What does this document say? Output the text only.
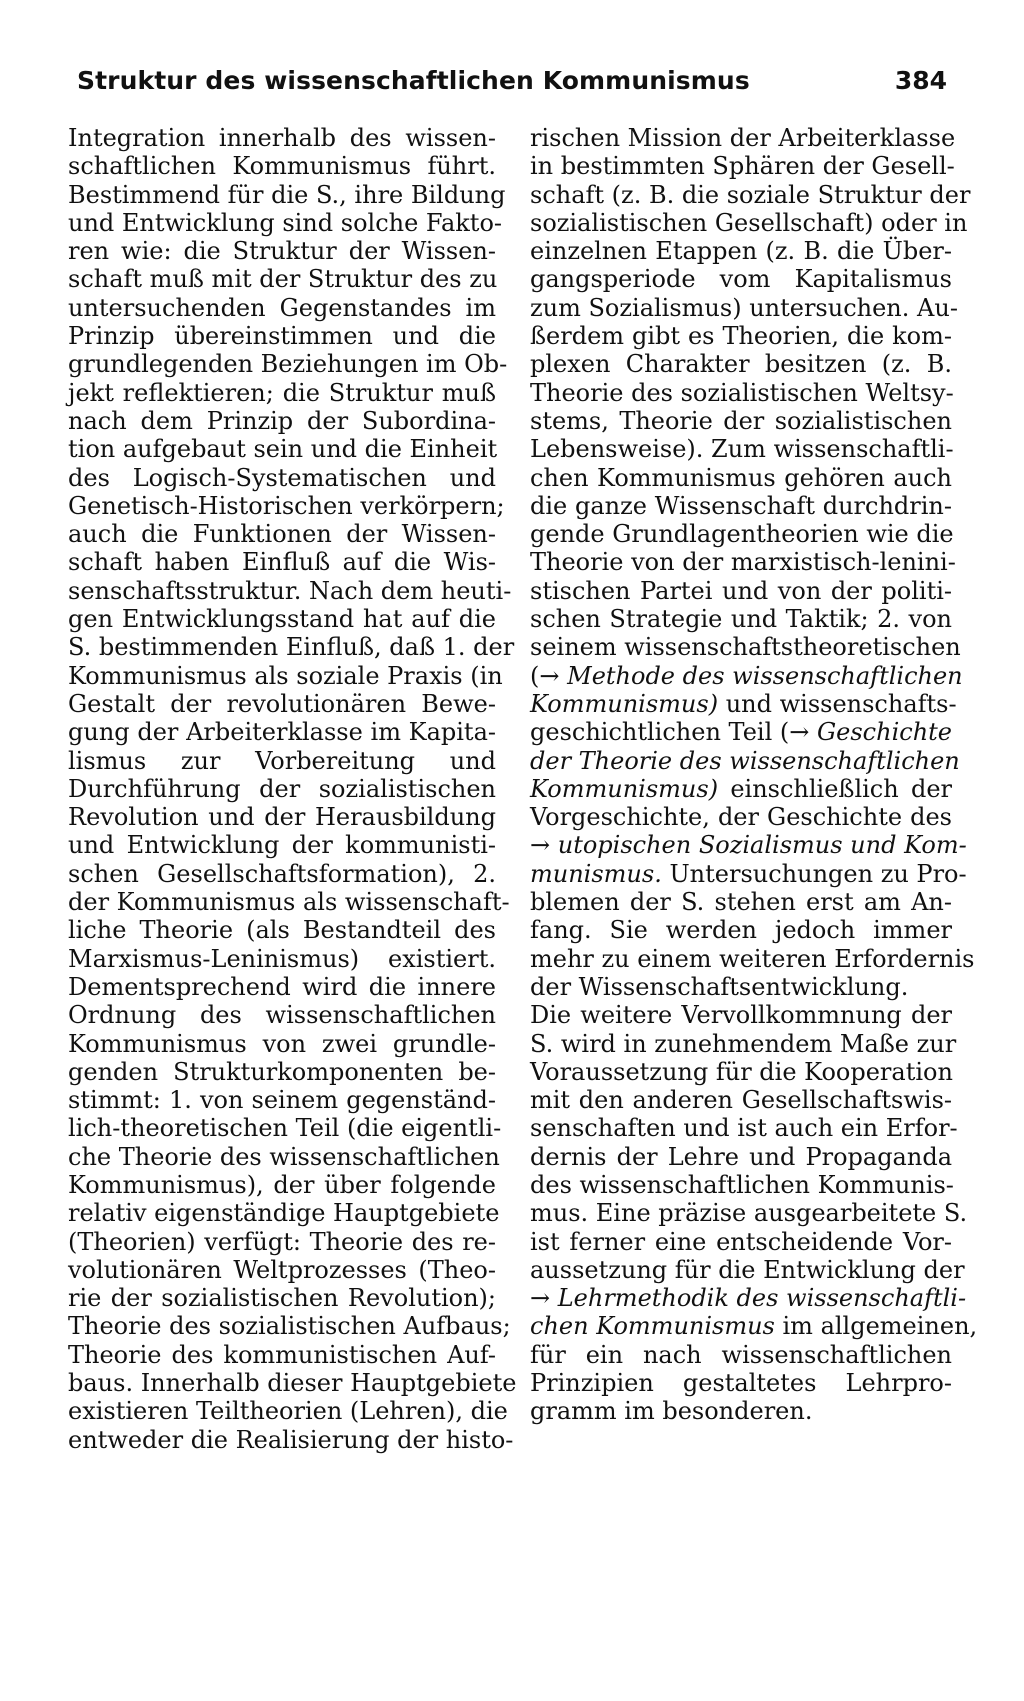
Struktur des wissenschaftlichen Kommunismus	384
Integration innerhalb des wissen-
schaftlichen Kommunismus führt.
Bestimmend für die S., ihre Bildung
und Entwicklung sind solche Fakto-
ren wie: die Struktur der Wissen-
schaft muß mit der Struktur des zu
untersuchenden Gegenstandes im
Prinzip übereinstimmen und die
grundlegenden Beziehungen im Ob-
jekt reflektieren; die Struktur muß
nach dem Prinzip der Subordina-
tion aufgebaut sein und die Einheit
des Logisch-Systematischen und
Genetisch-Historischen verkörpern;
auch die Funktionen der Wissen-
schaft haben Einfluß auf die Wis-
senschaftsstruktur. Nach dem heuti-
gen Entwicklungsstand hat auf die
S. bestimmenden Einfluß, daß 1. der
Kommunismus als soziale Praxis (in
Gestalt der revolutionären Bewe-
gung der Arbeiterklasse im Kapita-
lismus zur Vorbereitung und
Durchführung der sozialistischen
Revolution und der Herausbildung
und Entwicklung der kommunisti-
schen Gesellschaftsformation), 2.
der Kommunismus als wissenschaft-
liche Theorie (als Bestandteil des
Marxismus-Leninismus) existiert.
Dementsprechend wird die innere
Ordnung des wissenschaftlichen
Kommunismus von zwei grundle-
genden Strukturkomponenten be-
stimmt: 1. von seinem gegenständ-
lich-theoretischen Teil (die eigentli-
che Theorie des wissenschaftlichen
Kommunismus), der über folgende
relativ eigenständige Hauptgebiete
(Theorien) verfügt: Theorie des re-
volutionären Weltprozesses (Theo-
rie der sozialistischen Revolution);
Theorie des sozialistischen Aufbaus;
Theorie des kommunistischen Auf-
baus. Innerhalb dieser Hauptgebiete
existieren Teiltheorien (Lehren), die
entweder die Realisierung der histo-
rischen Mission der Arbeiterklasse
in bestimmten Sphären der Gesell-
schaft (z. B. die soziale Struktur der
sozialistischen Gesellschaft) oder in
einzelnen Etappen (z. B. die Über-
gangsperiode vom Kapitalismus
zum Sozialismus) untersuchen. Au-
ßerdem gibt es Theorien, die kom-
plexen Charakter besitzen (z. B.
Theorie des sozialistischen Weltsy-
stems, Theorie der sozialistischen
Lebensweise). Zum wissenschaftli-
chen Kommunismus gehören auch
die ganze Wissenschaft durchdrin-
gende Grundlagentheorien wie die
Theorie von der marxistisch-lenini-
stischen Partei und von der politi-
schen Strategie und Taktik; 2. von
seinem wissenschaftstheoretischen
(→ Methode des wissenschaftlichen
Kommunismus) und wissenschafts-
geschichtlichen Teil (→ Geschichte
der Theorie des wissenschaftlichen
Kommunismus) einschließlich der
Vorgeschichte, der Geschichte des
→ utopischen Sozialismus und Kom-
munismus. Untersuchungen zu Pro-
blemen der S. stehen erst am An-
fang. Sie werden jedoch immer
mehr zu einem weiteren Erfordernis
der Wissenschaftsentwicklung.
Die weitere Vervollkommnung der
S. wird in zunehmendem Maße zur
Voraussetzung für die Kooperation
mit den anderen Gesellschaftswis-
senschaften und ist auch ein Erfor-
dernis der Lehre und Propaganda
des wissenschaftlichen Kommunis-
mus. Eine präzise ausgearbeitete S.
ist ferner eine entscheidende Vor-
aussetzung für die Entwicklung der
→ Lehrmethodik des wissenschaftli-
chen Kommunismus im allgemeinen,
für ein nach wissenschaftlichen
Prinzipien gestaltetes Lehrpro-
gramm im besonderen.
